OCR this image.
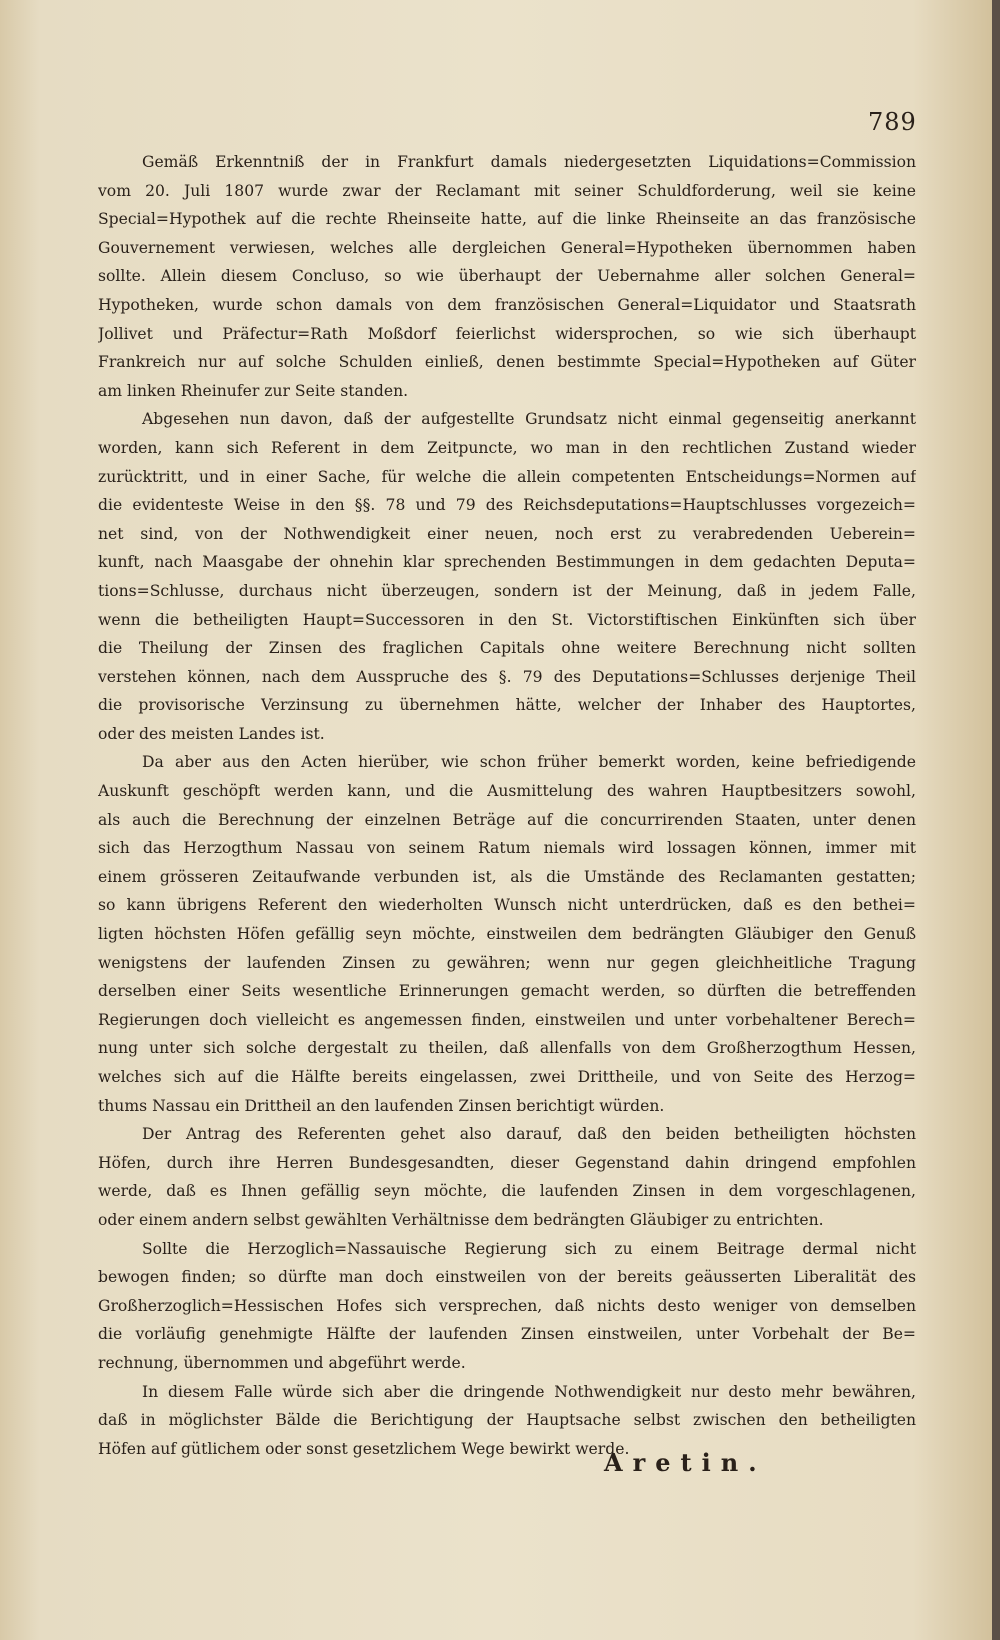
789
Gemäß Erkenntniß der in Frankfurt damals niedergesetzten Liquidations=Commission
vom 20. Juli 1807 wurde zwar der Reclamant mit seiner Schuldforderung, weil sie keine
Special=Hypothek auf die rechte Rheinseite hatte, auf die linke Rheinseite an das französische
Gouvernement verwiesen, welches alle dergleichen General=Hypotheken übernommen haben
sollte. Allein diesem Concluso, so wie überhaupt der Uebernahme aller solchen General=
Hypotheken, wurde schon damals von dem französischen General=Liquidator und Staatsrath
Jollivet und Präfectur=Rath Moßdorf feierlichst widersprochen, so wie sich überhaupt
Frankreich nur auf solche Schulden einließ, denen bestimmte Special=Hypotheken auf Güter
am linken Rheinufer zur Seite standen.
Abgesehen nun davon, daß der aufgestellte Grundsatz nicht einmal gegenseitig anerkannt
worden, kann sich Referent in dem Zeitpuncte, wo man in den rechtlichen Zustand wieder
zurücktritt, und in einer Sache, für welche die allein competenten Entscheidungs=Normen auf
die evidenteste Weise in den §§. 78 und 79 des Reichsdeputations=Hauptschlusses vorgezeich=
net sind, von der Nothwendigkeit einer neuen, noch erst zu verabredenden Ueberein=
kunft, nach Maasgabe der ohnehin klar sprechenden Bestimmungen in dem gedachten Deputa=
tions=Schlusse, durchaus nicht überzeugen, sondern ist der Meinung, daß in jedem Falle,
wenn die betheiligten Haupt=Successoren in den St. Victorstiftischen Einkünften sich über
die Theilung der Zinsen des fraglichen Capitals ohne weitere Berechnung nicht sollten
verstehen können, nach dem Ausspruche des §. 79 des Deputations=Schlusses derjenige Theil
die provisorische Verzinsung zu übernehmen hätte, welcher der Inhaber des Hauptortes,
oder des meisten Landes ist.
Da aber aus den Acten hierüber, wie schon früher bemerkt worden, keine befriedigende
Auskunft geschöpft werden kann, und die Ausmittelung des wahren Hauptbesitzers sowohl,
als auch die Berechnung der einzelnen Beträge auf die concurrirenden Staaten, unter denen
sich das Herzogthum Nassau von seinem Ratum niemals wird lossagen können, immer mit
einem grösseren Zeitaufwande verbunden ist, als die Umstände des Reclamanten gestatten;
so kann übrigens Referent den wiederholten Wunsch nicht unterdrücken, daß es den bethei=
ligten höchsten Höfen gefällig seyn möchte, einstweilen dem bedrängten Gläubiger den Genuß
wenigstens der laufenden Zinsen zu gewähren; wenn nur gegen gleichheitliche Tragung
derselben einer Seits wesentliche Erinnerungen gemacht werden, so dürften die betreffenden
Regierungen doch vielleicht es angemessen finden, einstweilen und unter vorbehaltener Berech=
nung unter sich solche dergestalt zu theilen, daß allenfalls von dem Großherzogthum Hessen,
welches sich auf die Hälfte bereits eingelassen, zwei Drittheile, und von Seite des Herzog=
thums Nassau ein Drittheil an den laufenden Zinsen berichtigt würden.
Der Antrag des Referenten gehet also darauf, daß den beiden betheiligten höchsten
Höfen, durch ihre Herren Bundesgesandten, dieser Gegenstand dahin dringend empfohlen
werde, daß es Ihnen gefällig seyn möchte, die laufenden Zinsen in dem vorgeschlagenen,
oder einem andern selbst gewählten Verhältnisse dem bedrängten Gläubiger zu entrichten.
Sollte die Herzoglich=Nassauische Regierung sich zu einem Beitrage dermal nicht
bewogen finden; so dürfte man doch einstweilen von der bereits geäusserten Liberalität des
Großherzoglich=Hessischen Hofes sich versprechen, daß nichts desto weniger von demselben
die vorläufig genehmigte Hälfte der laufenden Zinsen einstweilen, unter Vorbehalt der Be=
rechnung, übernommen und abgeführt werde.
In diesem Falle würde sich aber die dringende Nothwendigkeit nur desto mehr bewähren,
daß in möglichster Bälde die Berichtigung der Hauptsache selbst zwischen den betheiligten
Höfen auf gütlichem oder sonst gesetzlichem Wege bewirkt werde.
Aretin.
